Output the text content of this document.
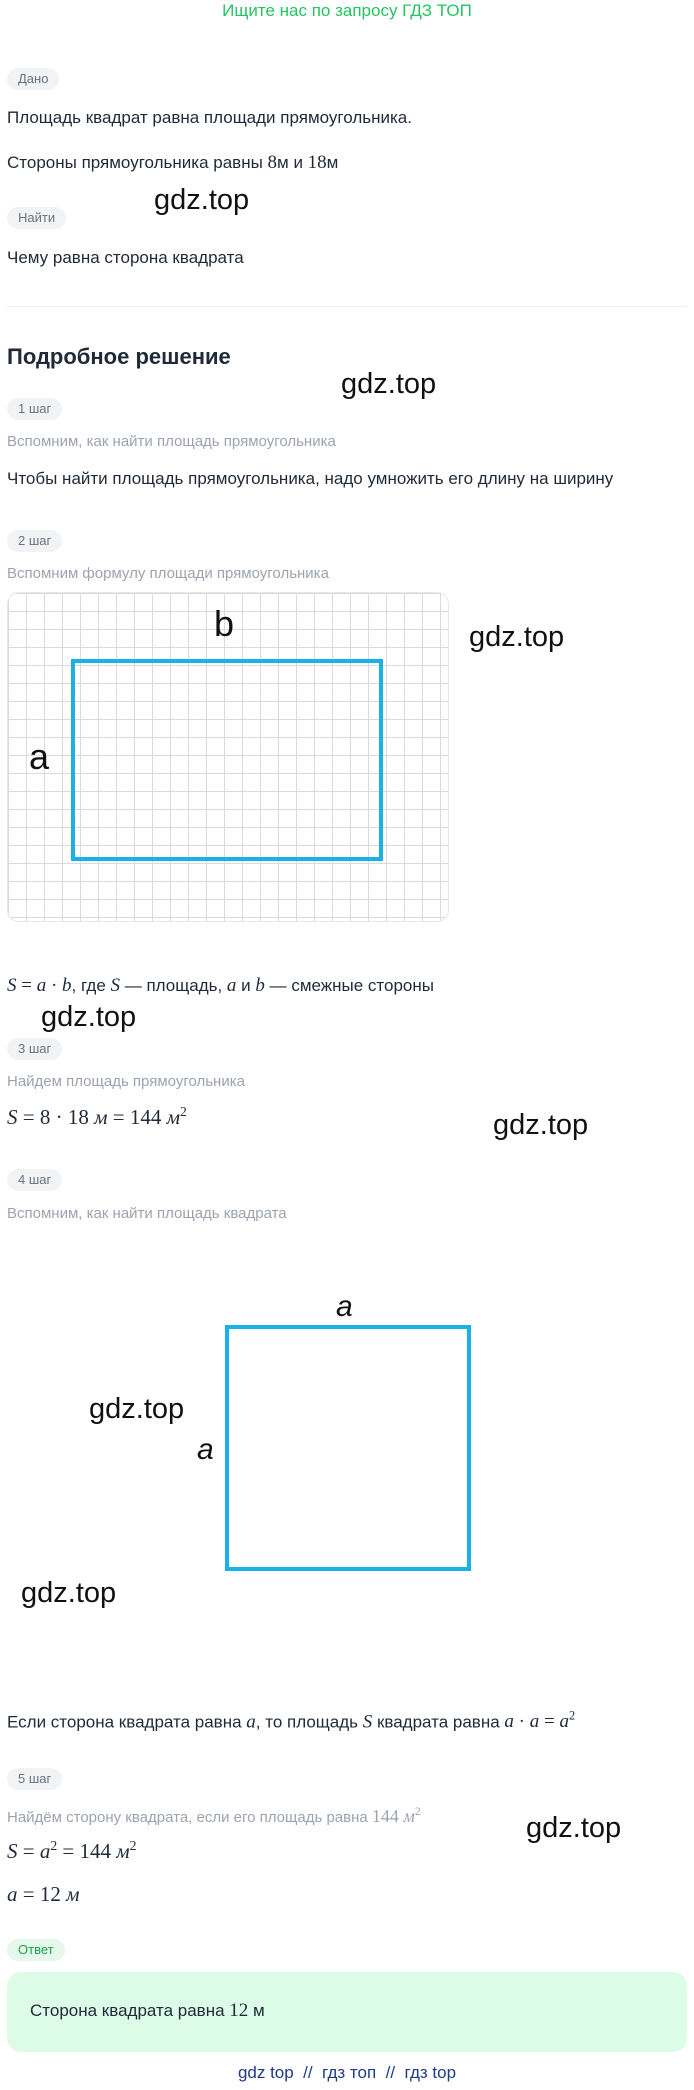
Ищите нас по запросу ГДЗ ТОП
Дано
Площадь квадрат равна площади прямоугольника.
Стороны прямоугольника равны 8м и 18м
Найти
Чему равна сторона квадрата
Подробное решение
1 шаг
Вспомним, как найти площадь прямоугольника
Чтобы найти площадь прямоугольника, надо умножить его длину на ширину
2 шаг
Вспомним формулу площади прямоугольника
b
a
S = a · b, где S — площадь, a и b — смежные стороны
3 шаг
Найдем площадь прямоугольника
S = 8 · 18 м = 144 $м^2$
4 шаг
Вспомним, как найти площадь квадрата
a
a
Если сторона квадрата равна a, то площадь S квадрата равна $a \cdot a = a^2$
5 шаг
Найдём сторону квадрата, если его площадь равна 144 $м^2$
$S = a^2 = 144$ $м^2$
a = 12 м
Ответ
Сторона квадрата равна 12 м
gdz.top
gdz.top
gdz.top
gdz.top
gdz.top
gdz.top
gdz.top
gdz.top
gdz top  //  гдз топ  //  гдз top
